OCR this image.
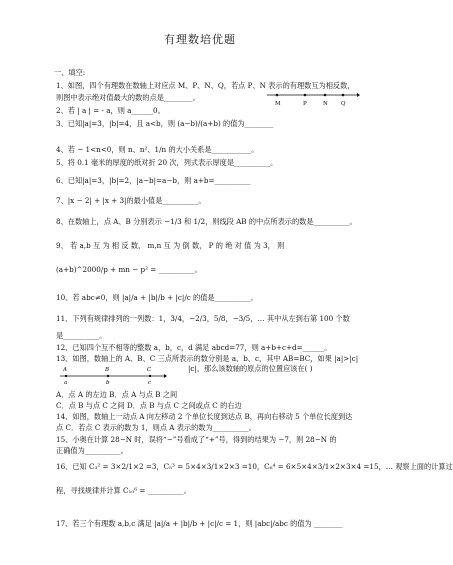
有理数培优题
一、填空:
1、如图，四个有理数在数轴上对应点 M、P、N、Q，若点 P、N 表示的有理数互为相反数，
则图中表示绝对值最大的数的点是________。
M	P	N Q
2、若 | a | = - a，则 a______0。
3、已知|a|=3，|b|=4，且 a<b，则 (a−b)/(a+b) 的值为________
4、若 − 1<n<0，则 n、n²、1/n 的大小关系是___________。
5、将 0.1 毫米的厚度的纸对折 20 次，列式表示厚度是__________。
6、已知|a|=3，|b|=2，|a−b|=a−b，则 a+b=__________
7、|x − 2| + |x + 3|的最小值是__________。
8、在数轴上，点 A、B 分别表示 −1/3 和 1/2，则线段 AB 的中点所表示的数是__________。
9、 若 a,b 互 为 相 反 数， m,n 互 为 倒 数， P 的 绝 对 值 为 3， 则
(a+b)^2000/p + mn − p² = __________。
10、若 abc≠0，则 |a|/a + |b|/b + |c|/c 的值是__________。
11、下列有规律排列的一列数：1，3/4，−2/3，5/8，−3/5，… 其中从左到右第 100 个数
是__________。
12、已知四个互不相等的整数 a，b，c，d 满足 abcd=77，则 a+b+c+d=______。
13、如图，数轴上的 A、B、C 三点所表示的数分别是 a、b、c，其中 AB=BC，如果 |a|>|c|
|c|，那么该数轴的原点的位置应该在( )
A	B	C
a	b	c
A．点 A 的左边 B．点 A 与点 B 之间
C．点 B 与点 C 之间 D．点 B 与点 C 之间或点 C 的右边
14、如图，数轴上一动点 A 向左移动 2 个单位长度到达点 B，再向右移动 5 个单位长度到达
点 C．若点 C 表示的数为 1，则点 A 表示的数为__________。
15、小奥在计算 28−N 时，误将“−”号看成了“+”号，得到的结果为 −7，则 28−N 的
正确值为__________。
16、已知 C₃² = 3×2/1×2 =3，C₅³ = 5×4×3/1×2×3 =10，C₆⁴ = 6×5×4×3/1×2×3×4 =15，… 观察上面的计算过
程，寻找规律并计算 C₁₀⁶ = __________。
17、若三个有理数 a,b,c 满足 |a|/a + |b|/b + |c|/c = 1，则 |abc|/abc 的值为 ________
